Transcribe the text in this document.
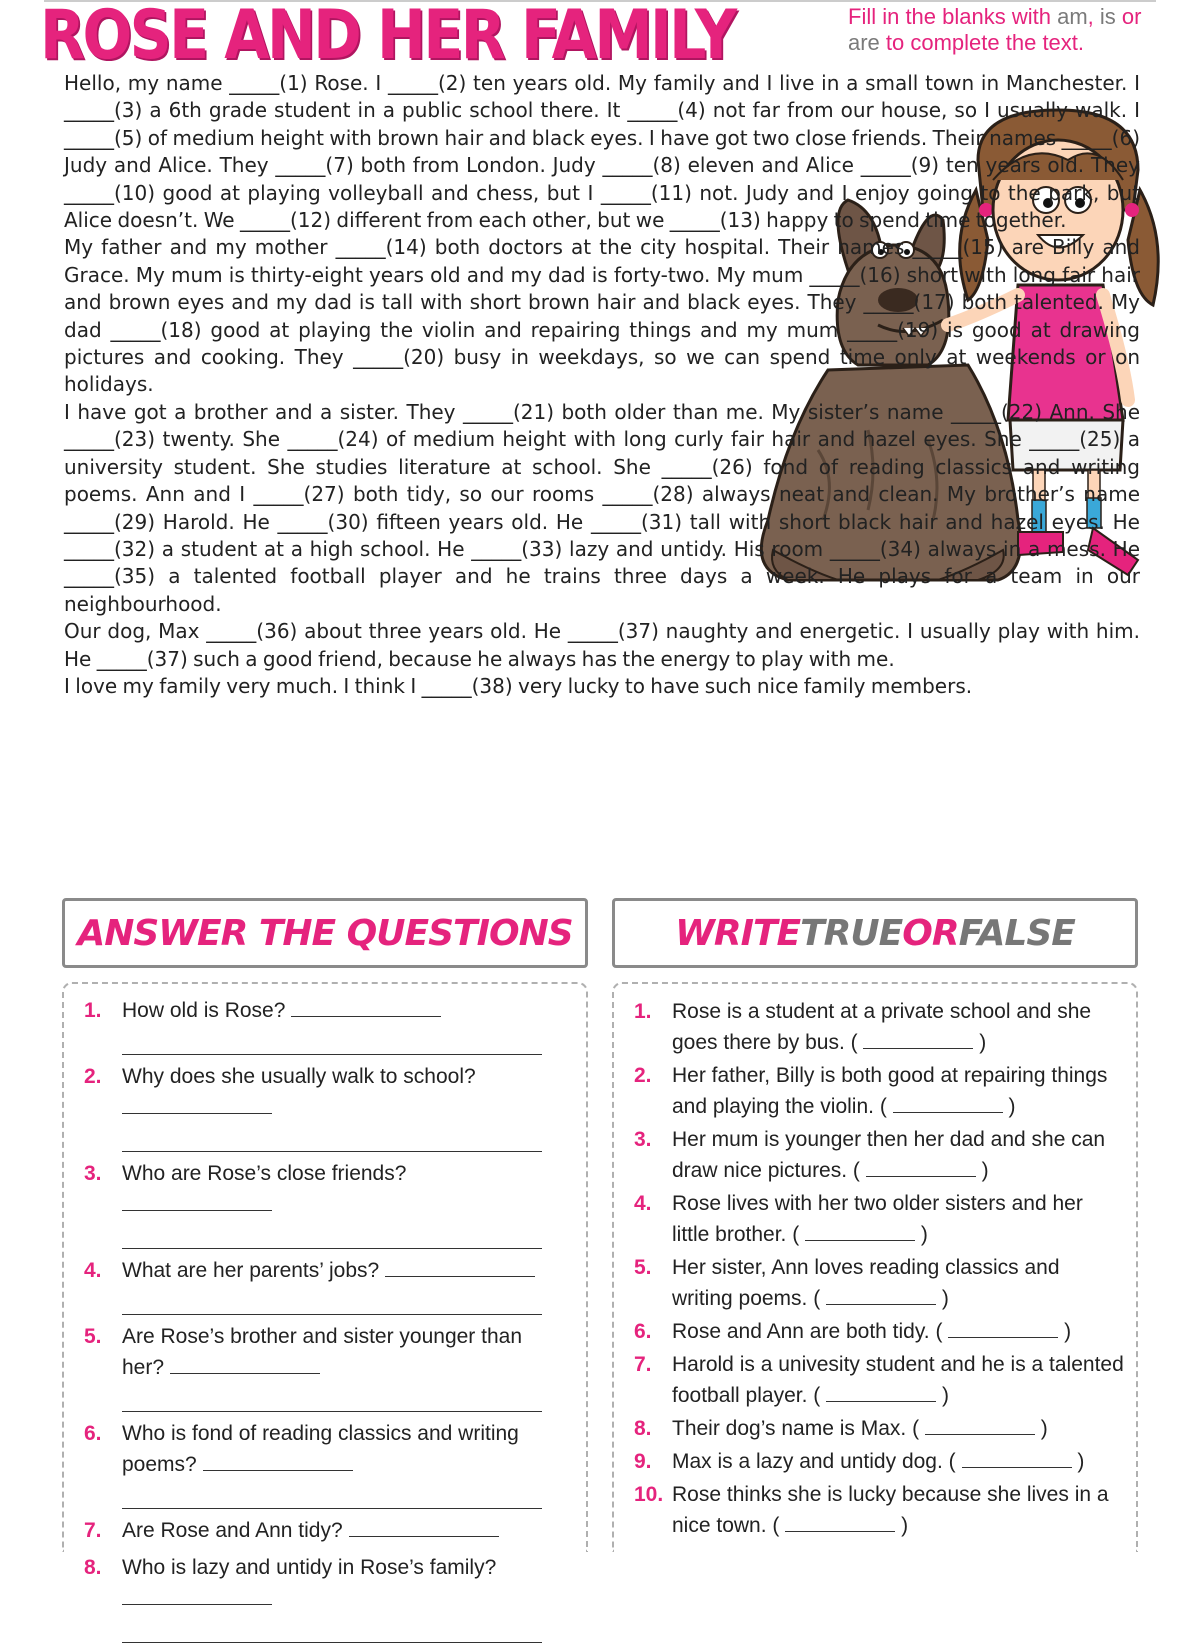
ROSE AND HER FAMILY	Fill in the blanks with am, is or are to complete the text.

Hello, my name _____(1) Rose. I _____(2) ten years old. My family and I live in a small town in Manchester. I _____(3) a 6th grade student in a public school there. It _____(4) not far from our house, so I usually walk. I _____(5) of medium height with brown hair and black eyes. I have got two close friends. Their names _____(6) Judy and Alice. They _____(7) both from London. Judy _____(8) eleven and Alice _____(9) ten years old. They _____(10) good at playing volleyball and chess, but I _____(11) not. Judy and I enjoy going to the park, but Alice doesn’t. We _____(12) different from each other, but we _____(13) happy to spend time together.

My father and my mother _____(14) both doctors at the city hospital. Their names _____(15) are Billy and Grace. My mum is thirty-eight years old and my dad is forty-two. My mum _____(16) short with long fair hair and brown eyes and my dad is tall with short brown hair and black eyes. They _____(17) both talented. My dad _____(18) good at playing the violin and repairing things and my mum _____(19) is good at drawing pictures and cooking. They _____(20) busy in weekdays, so we can spend time only at weekends or on holidays.

I have got a brother and a sister. They _____(21) both older than me. My sister’s name _____(22) Ann. She _____(23) twenty. She _____(24) of medium height with long curly fair hair and hazel eyes. She _____(25) a university student. She studies literature at school. She _____(26) fond of reading classics and writing poems. Ann and I _____(27) both tidy, so our rooms _____(28) always neat and clean. My brother’s name _____(29) Harold. He _____(30) fifteen years old. He _____(31) tall with short black hair and hazel eyes. He _____(32) a student at a high school. He _____(33) lazy and untidy. His room _____(34) always in a mess. He _____(35) a talented football player and he trains three days a week. He plays for a team in our neighbourhood.

Our dog, Max _____(36) about three years old. He _____(37) naughty and energetic. I usually play with him. He _____(37) such a good friend, because he always has the energy to play with me.

I love my family very much. I think I _____(38) very lucky to have such nice family members.

ANSWER THE QUESTIONS	WRITE TRUE OR FALSE
1. How old is Rose?
2. Why does she usually walk to school?
3. Who are Rose’s close friends?
4. What are her parents’ jobs?
5. Are Rose’s brother and sister younger than her?
6. Who is fond of reading classics and writing poems?
7. Are Rose and Ann tidy?
8. Who is lazy and untidy in Rose’s family?
1. Rose is a student at a private school and she goes there by bus. (	)
2. Her father, Billy is both good at repairing things and playing the violin. (	)
3. Her mum is younger then her dad and she can draw nice pictures. (	)
4. Rose lives with her two older sisters and her little brother. (	)
5. Her sister, Ann loves reading classics and writing poems. (	)
6. Rose and Ann are both tidy. (	)
7. Harold is a univesity student and he is a talented football player. (	)
8. Their dog’s name is Max. (	)
9. Max is a lazy and untidy dog. (	)
10. Rose thinks she is lucky because she lives in a nice town. (	)
